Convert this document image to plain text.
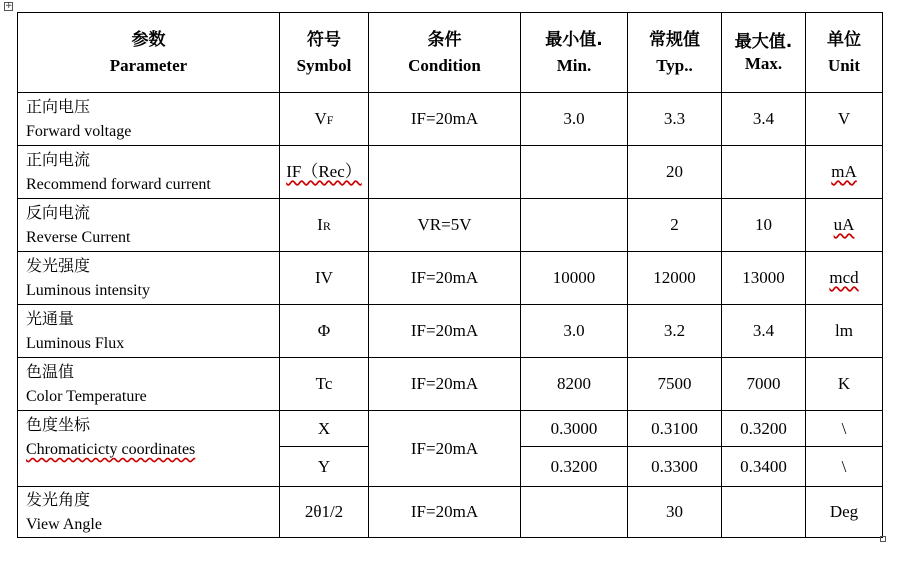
+
参数
Parameter	符号
Symbol	条件
Condition	最小值.
Min.	常规值
Typ..	最大值.
Max.	单位
Unit
正向电压
Forward voltage	VF	IF=20mA	3.0	3.3	3.4	V
正向电流
Recommend forward current	IF（Rec）			20		mA
反向电流
Reverse Current	IR	VR=5V		2	10	uA
发光强度
Luminous intensity	IV	IF=20mA	10000	12000	13000	mcd
光通量
Luminous Flux	Φ	IF=20mA	3.0	3.2	3.4	lm
色温值
Color Temperature	Tc	IF=20mA	8200	7500	7000	K
色度坐标
Chromaticicty coordinates	X	IF=20mA	0.3000	0.3100	0.3200	\
	Y		0.3200	0.3300	0.3400	\
发光角度
View Angle	2θ1/2	IF=20mA		30		Deg
